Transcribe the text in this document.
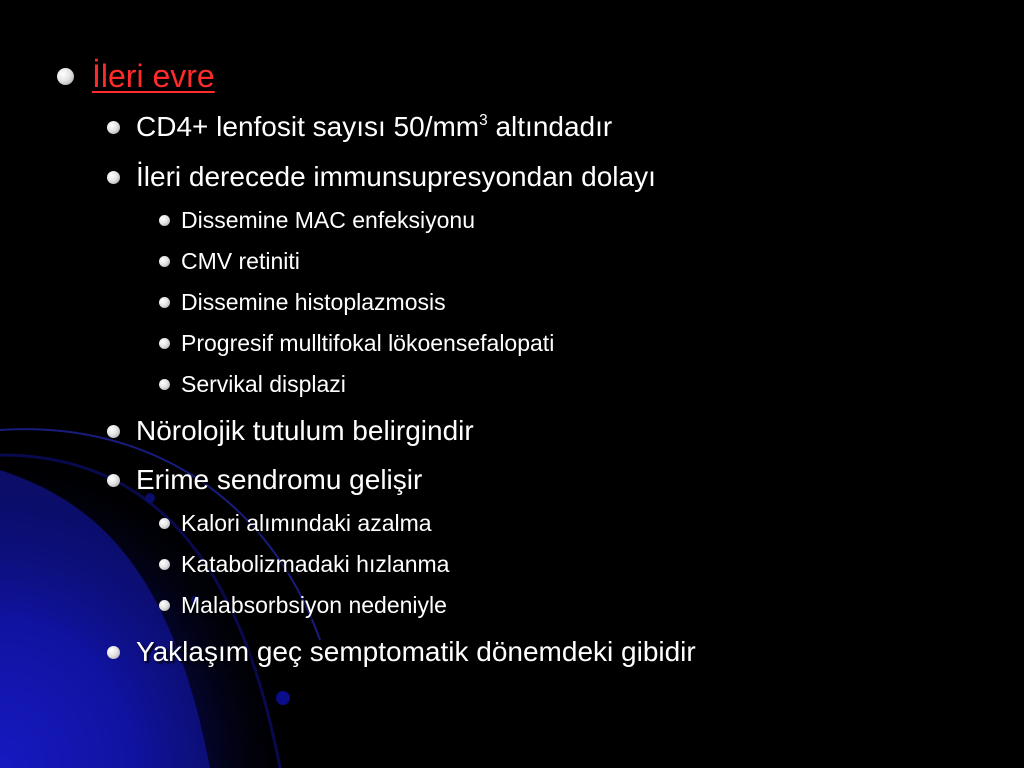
İleri evre
CD4+ lenfosit sayısı $50/mm^3$ altındadır
İleri derecede immunsupresyondan dolayı
Dissemine MAC enfeksiyonu
CMV retiniti
Dissemine histoplazmosis
Progresif mulltifokal lökoensefalopati
Servikal displazi
Nörolojik tutulum belirgindir
Erime sendromu gelişir
Kalori alımındaki azalma
Katabolizmadaki hızlanma
Malabsorbsiyon nedeniyle
Yaklaşım geç semptomatik dönemdeki gibidir
